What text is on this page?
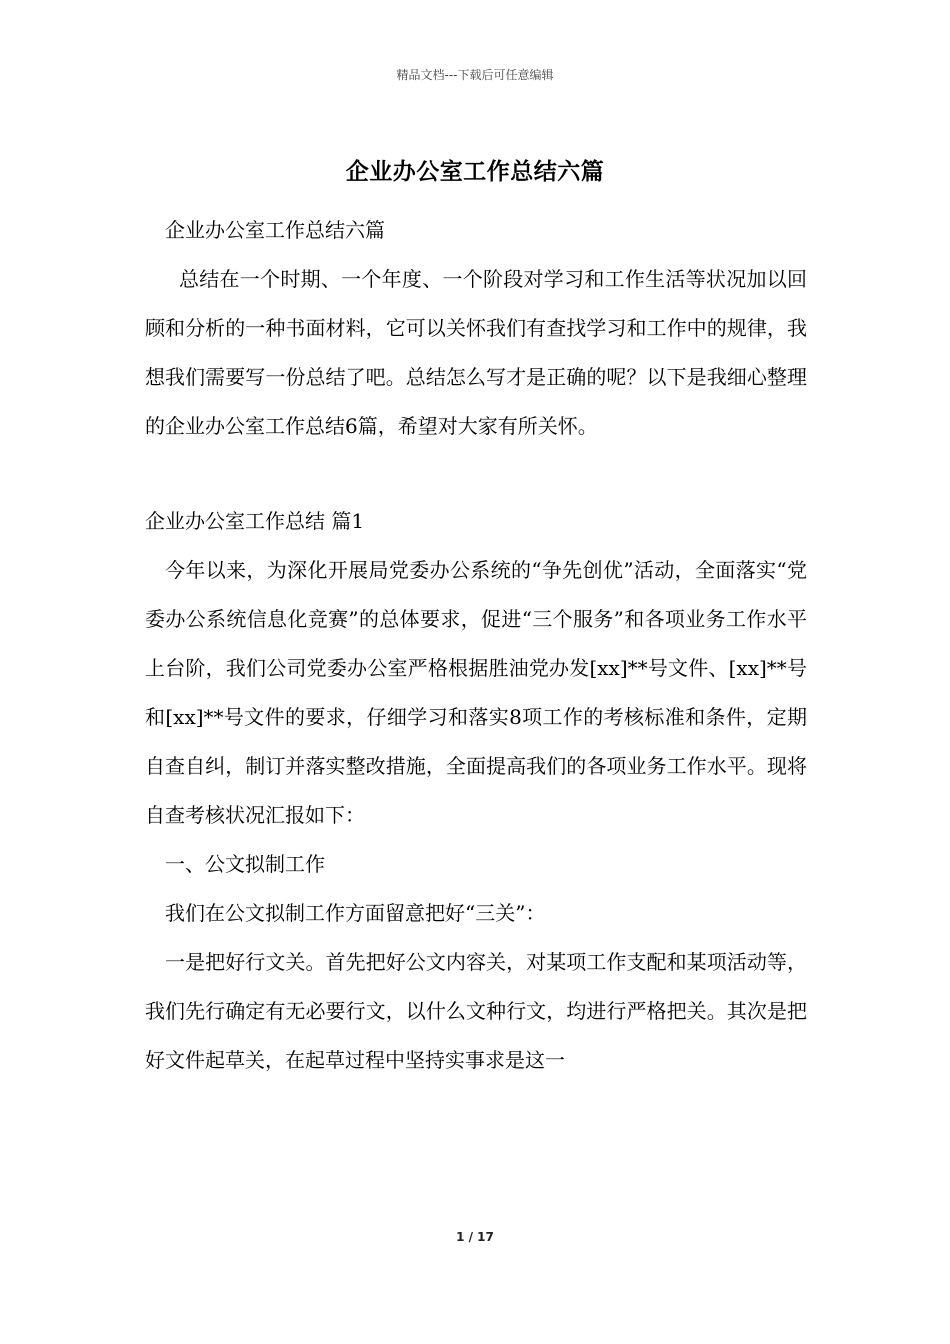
精品文档---下载后可任意编辑
企业办公室工作总结六篇

企业办公室工作总结六篇

总结在一个时期、一个年度、一个阶段对学习和工作生活等状况加以回顾和分析的一种书面材料，它可以关怀我们有查找学习和工作中的规律，我想我们需要写一份总结了吧。总结怎么写才是正确的呢？以下是我细心整理的企业办公室工作总结6篇，希望对大家有所关怀。

企业办公室工作总结 篇1

今年以来，为深化开展局党委办公系统的“争先创优”活动，全面落实“党委办公系统信息化竞赛”的总体要求，促进“三个服务”和各项业务工作水平上台阶，我们公司党委办公室严格根据胜油党办发[xx]**号文件、[xx]**号和[xx]**号文件的要求，仔细学习和落实8项工作的考核标准和条件，定期自查自纠，制订并落实整改措施，全面提高我们的各项业务工作水平。现将自查考核状况汇报如下：

一、公文拟制工作

我们在公文拟制工作方面留意把好“三关”：

一是把好行文关。首先把好公文内容关，对某项工作支配和某项活动等，我们先行确定有无必要行文，以什么文种行文，均进行严格把关。其次是把好文件起草关，在起草过程中坚持实事求是这一

1 / 17
